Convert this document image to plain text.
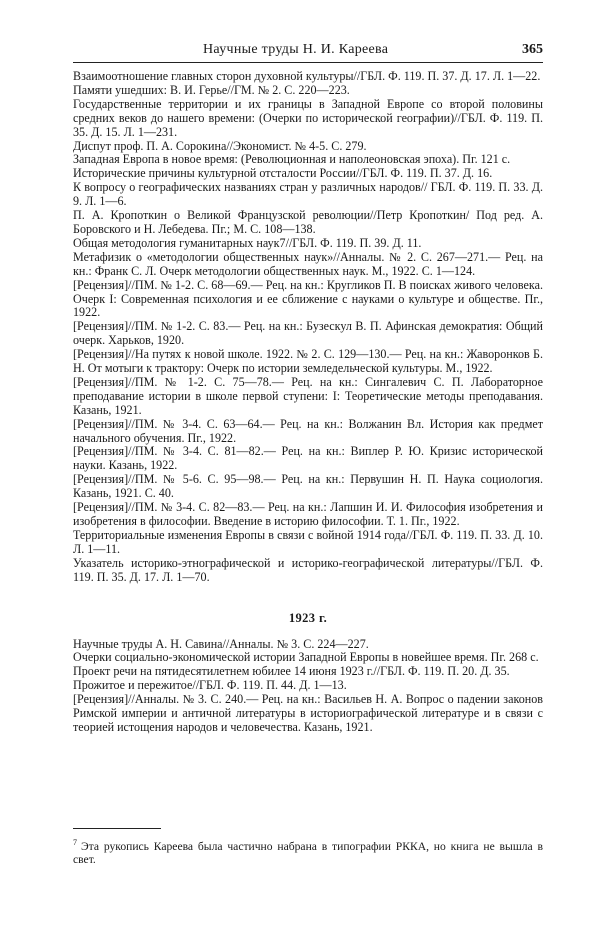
Научные труды Н. И. Кареева	365

Взаимоотношение главных сторон духовной культуры//ГБЛ. Ф. 119. П. 37. Д. 17. Л. 1—22.

Памяти ушедших: В. И. Герье//ГМ. № 2. С. 220—223.

Государственные территории и их границы в Западной Европе со второй половины средних веков до нашего времени: (Очерки по исторической географии)//ГБЛ. Ф. 119. П. 35. Д. 15. Л. 1—231.

Диспут проф. П. А. Сорокина//Экономист. № 4-5. С. 279.

Западная Европа в новое время: (Революционная и наполеоновская эпоха). Пг. 121 с.

Исторические причины культурной отсталости России//ГБЛ. Ф. 119. П. 37. Д. 16.

К вопросу о географических названиях стран у различных народов// ГБЛ. Ф. 119. П. 33. Д. 9. Л. 1—6.

П. А. Кропоткин о Великой Французской революции//Петр Кропоткин/ Под ред. А. Боровского и Н. Лебедева. Пг.; М. С. 108—138.

Общая методология гуманитарных наук7//ГБЛ. Ф. 119. П. 39. Д. 11.

Метафизик о «методологии общественных наук»//Анналы. № 2. С. 267—271.— Рец. на кн.: Франк С. Л. Очерк методологии общественных наук. М., 1922. С. 1—124.

[Рецензия]//ПМ. № 1-2. С. 68—69.— Рец. на кн.: Кругликов П. В поисках живого человека. Очерк I: Современная психология и ее сближение с науками о культуре и обществе. Пг., 1922.

[Рецензия]//ПМ. № 1-2. С. 83.— Рец. на кн.: Бузескул В. П. Афинская демократия: Общий очерк. Харьков, 1920.

[Рецензия]//На путях к новой школе. 1922. № 2. С. 129—130.— Рец. на кн.: Жаворонков Б. Н. От мотыги к трактору: Очерк по истории земледельческой культуры. М., 1922.

[Рецензия]//ПМ. № 1-2. С. 75—78.— Рец. на кн.: Сингалевич С. П. Лабораторное преподавание истории в школе первой ступени: I: Теоретические методы преподавания. Казань, 1921.

[Рецензия]//ПМ. № 3-4. С. 63—64.— Рец. на кн.: Волжанин Вл. История как предмет начального обучения. Пг., 1922.

[Рецензия]//ПМ. № 3-4. С. 81—82.— Рец. на кн.: Виплер Р. Ю. Кризис исторической науки. Казань, 1922.

[Рецензия]//ПМ. № 5-6. С. 95—98.— Рец. на кн.: Первушин Н. П. Наука социология. Казань, 1921. С. 40.

[Рецензия]//ПМ. № 3-4. С. 82—83.— Рец. на кн.: Лапшин И. И. Философия изобретения и изобретения в философии. Введение в историю философии. Т. 1. Пг., 1922.

Территориальные изменения Европы в связи с войной 1914 года//ГБЛ. Ф. 119. П. 33. Д. 10. Л. 1—11.

Указатель историко-этнографической и историко-географической литературы//ГБЛ. Ф. 119. П. 35. Д. 17. Л. 1—70.

1923 г.

Научные труды А. Н. Савина//Анналы. № 3. С. 224—227.

Очерки социально-экономической истории Западной Европы в новейшее время. Пг. 268 с.

Проект речи на пятидесятилетнем юбилее 14 июня 1923 г.//ГБЛ. Ф. 119. П. 20. Д. 35.

Прожитое и пережитое//ГБЛ. Ф. 119. П. 44. Д. 1—13.

[Рецензия]//Анналы. № 3. С. 240.— Рец. на кн.: Васильев Н. А. Вопрос о падении законов Римской империи и античной литературы в историографической литературе и в связи с теорией истощения народов и человечества. Казань, 1921.

$^7$ Эта рукопись Кареева была частично набрана в типографии РККА, но книга не вышла в свет.
